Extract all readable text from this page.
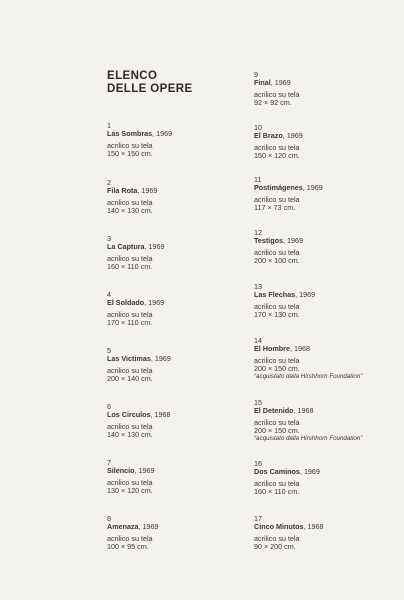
ELENCO
DELLE OPERE
1
Las Sombras, 1969
acrilico su tela
150 × 150 cm.
2
Fila Rota, 1969
acrilico su tela
140 × 130 cm.
3
La Captura, 1969
acrilico su tela
160 × 110 cm.
4
El Soldado, 1969
acrilico su tela
170 × 110 cm.
5
Las Victimas, 1969
acrilico su tela
200 × 140 cm.
6
Los Circulos, 1968
acrilico su tela
140 × 130 cm.
7
Silencio, 1969
acrilico su tela
130 × 120 cm.
8
Amenaza, 1969
acrilico su tela
100 × 95 cm.
9
Final, 1969
acrilico su tela
92 × 92 cm.
10
El Brazo, 1969
acrilico su tela
150 × 120 cm.
11
Postimágenes, 1969
acrilico su tela
117 × 73 cm.
12
Testigos, 1969
acrilico su tela
200 × 100 cm.
13
Las Flechas, 1969
acrilico su tela
170 × 130 cm.
14
El Hombre, 1968
acrilico su tela
200 × 150 cm.
“acquistato dalla Hirshhorn Foundation”
15
El Detenido, 1968
acrilico su tela
200 × 150 cm.
“acquistato dalla Hirshhorn Foundation”
16
Dos Caminos, 1969
acrilico su tela
160 × 110 cm.
17
Cinco Minutos, 1968
acrilico su tela
90 × 200 cm.
